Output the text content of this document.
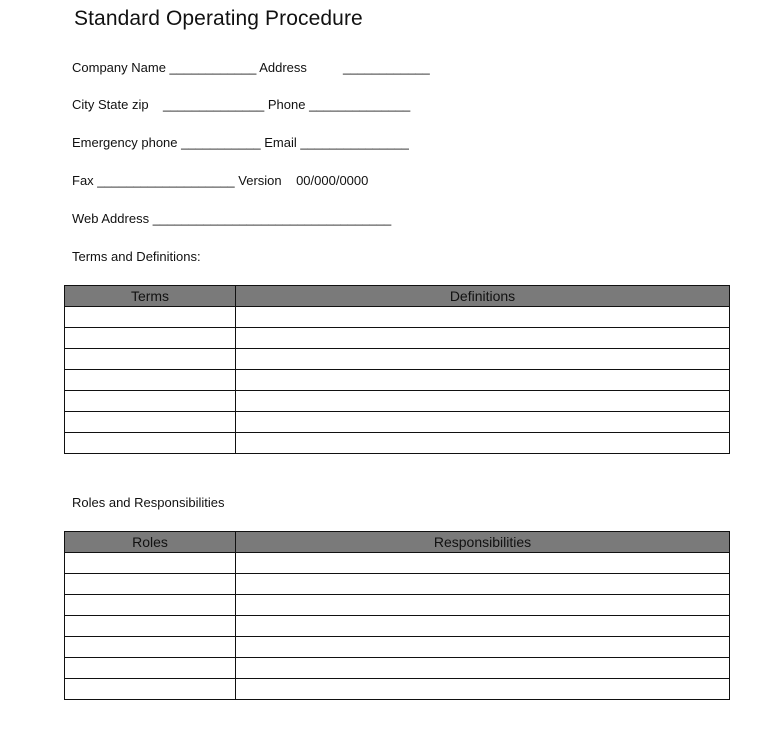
Standard Operating Procedure
Company Name ____________ Address          ____________
City State zip    ______________ Phone ______________
Emergency phone ___________ Email _______________
Fax ___________________ Version    00/000/0000
Web Address _________________________________
Terms and Definitions:
Terms	Definitions

Roles and Responsibilities
Roles	Responsibilities
